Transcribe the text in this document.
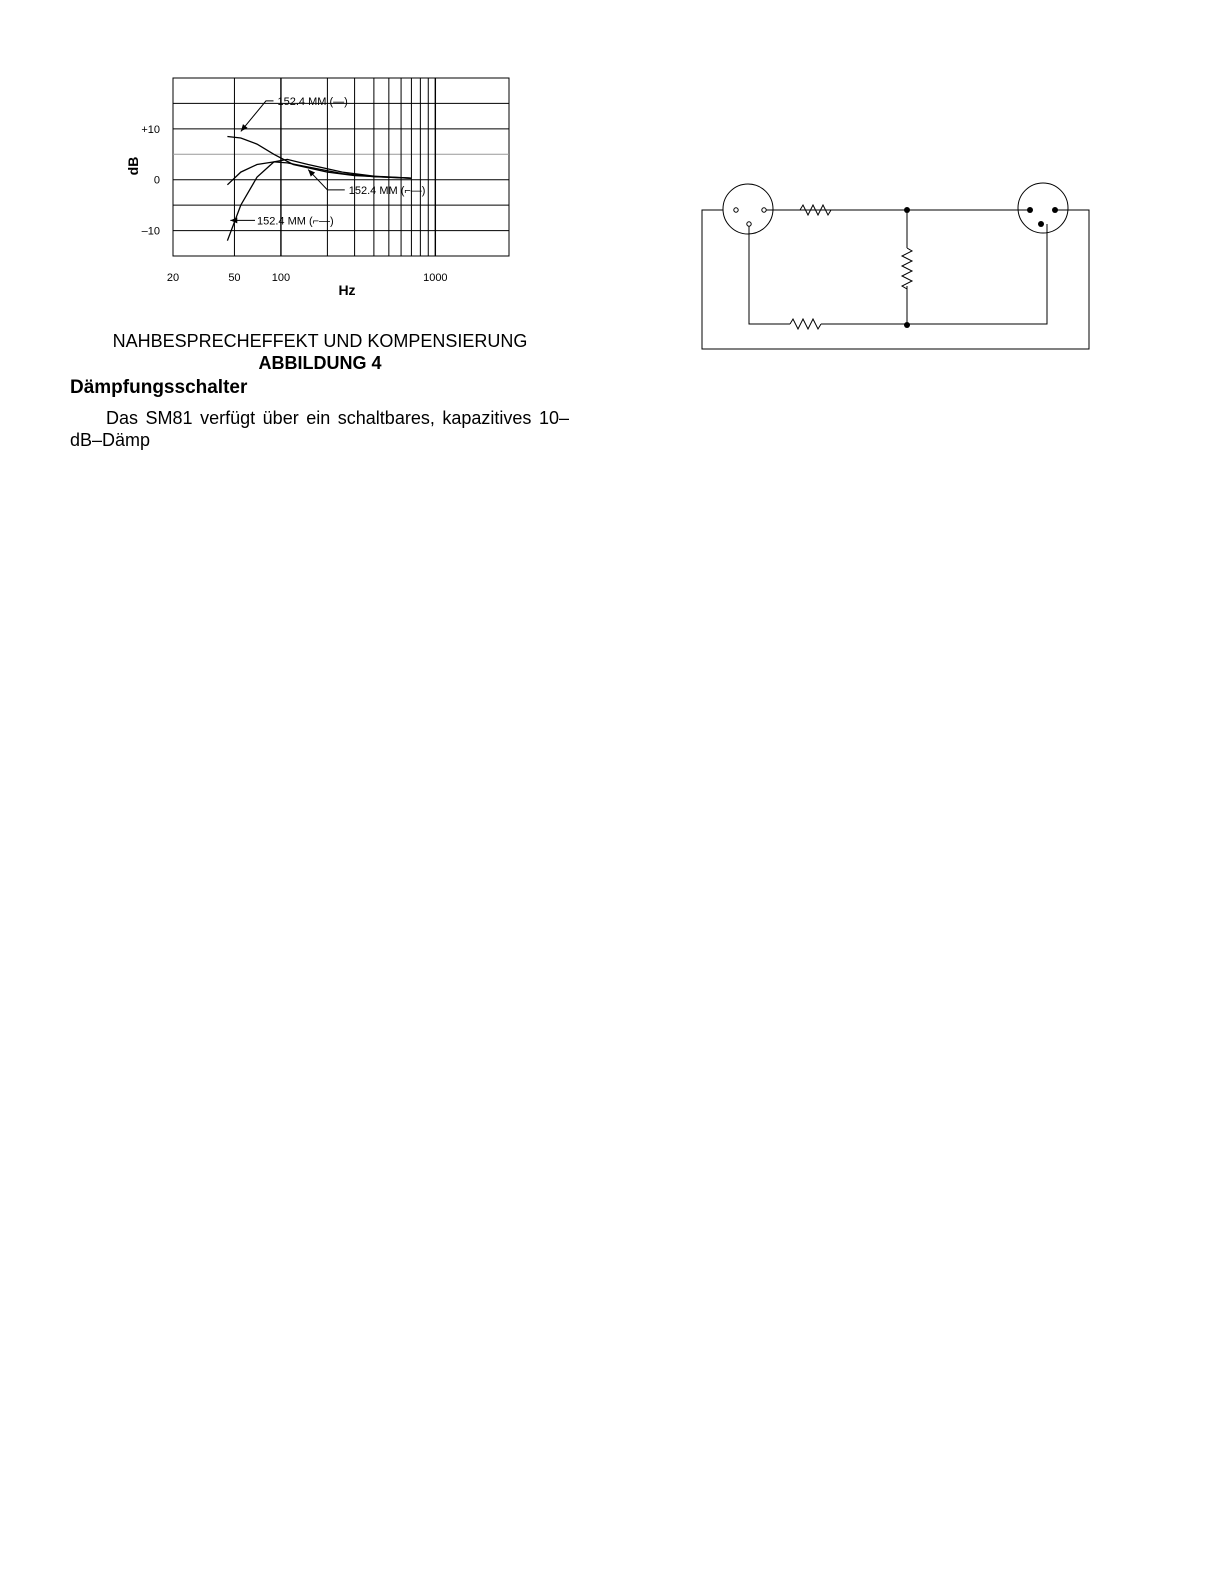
+10
0
–10
20	50	100	1000
152.4 MM (—)
152.4 MM (⌐—)
152.4 MM (⌐—)
dB
Hz
NAHBESPRECHEFFEKT UND KOMPENSIERUNG
ABBILDUNG 4
Dämpfungsschalter
Das SM81 verfügt über ein schaltbares, kapazitives 10–dB–Dämp
